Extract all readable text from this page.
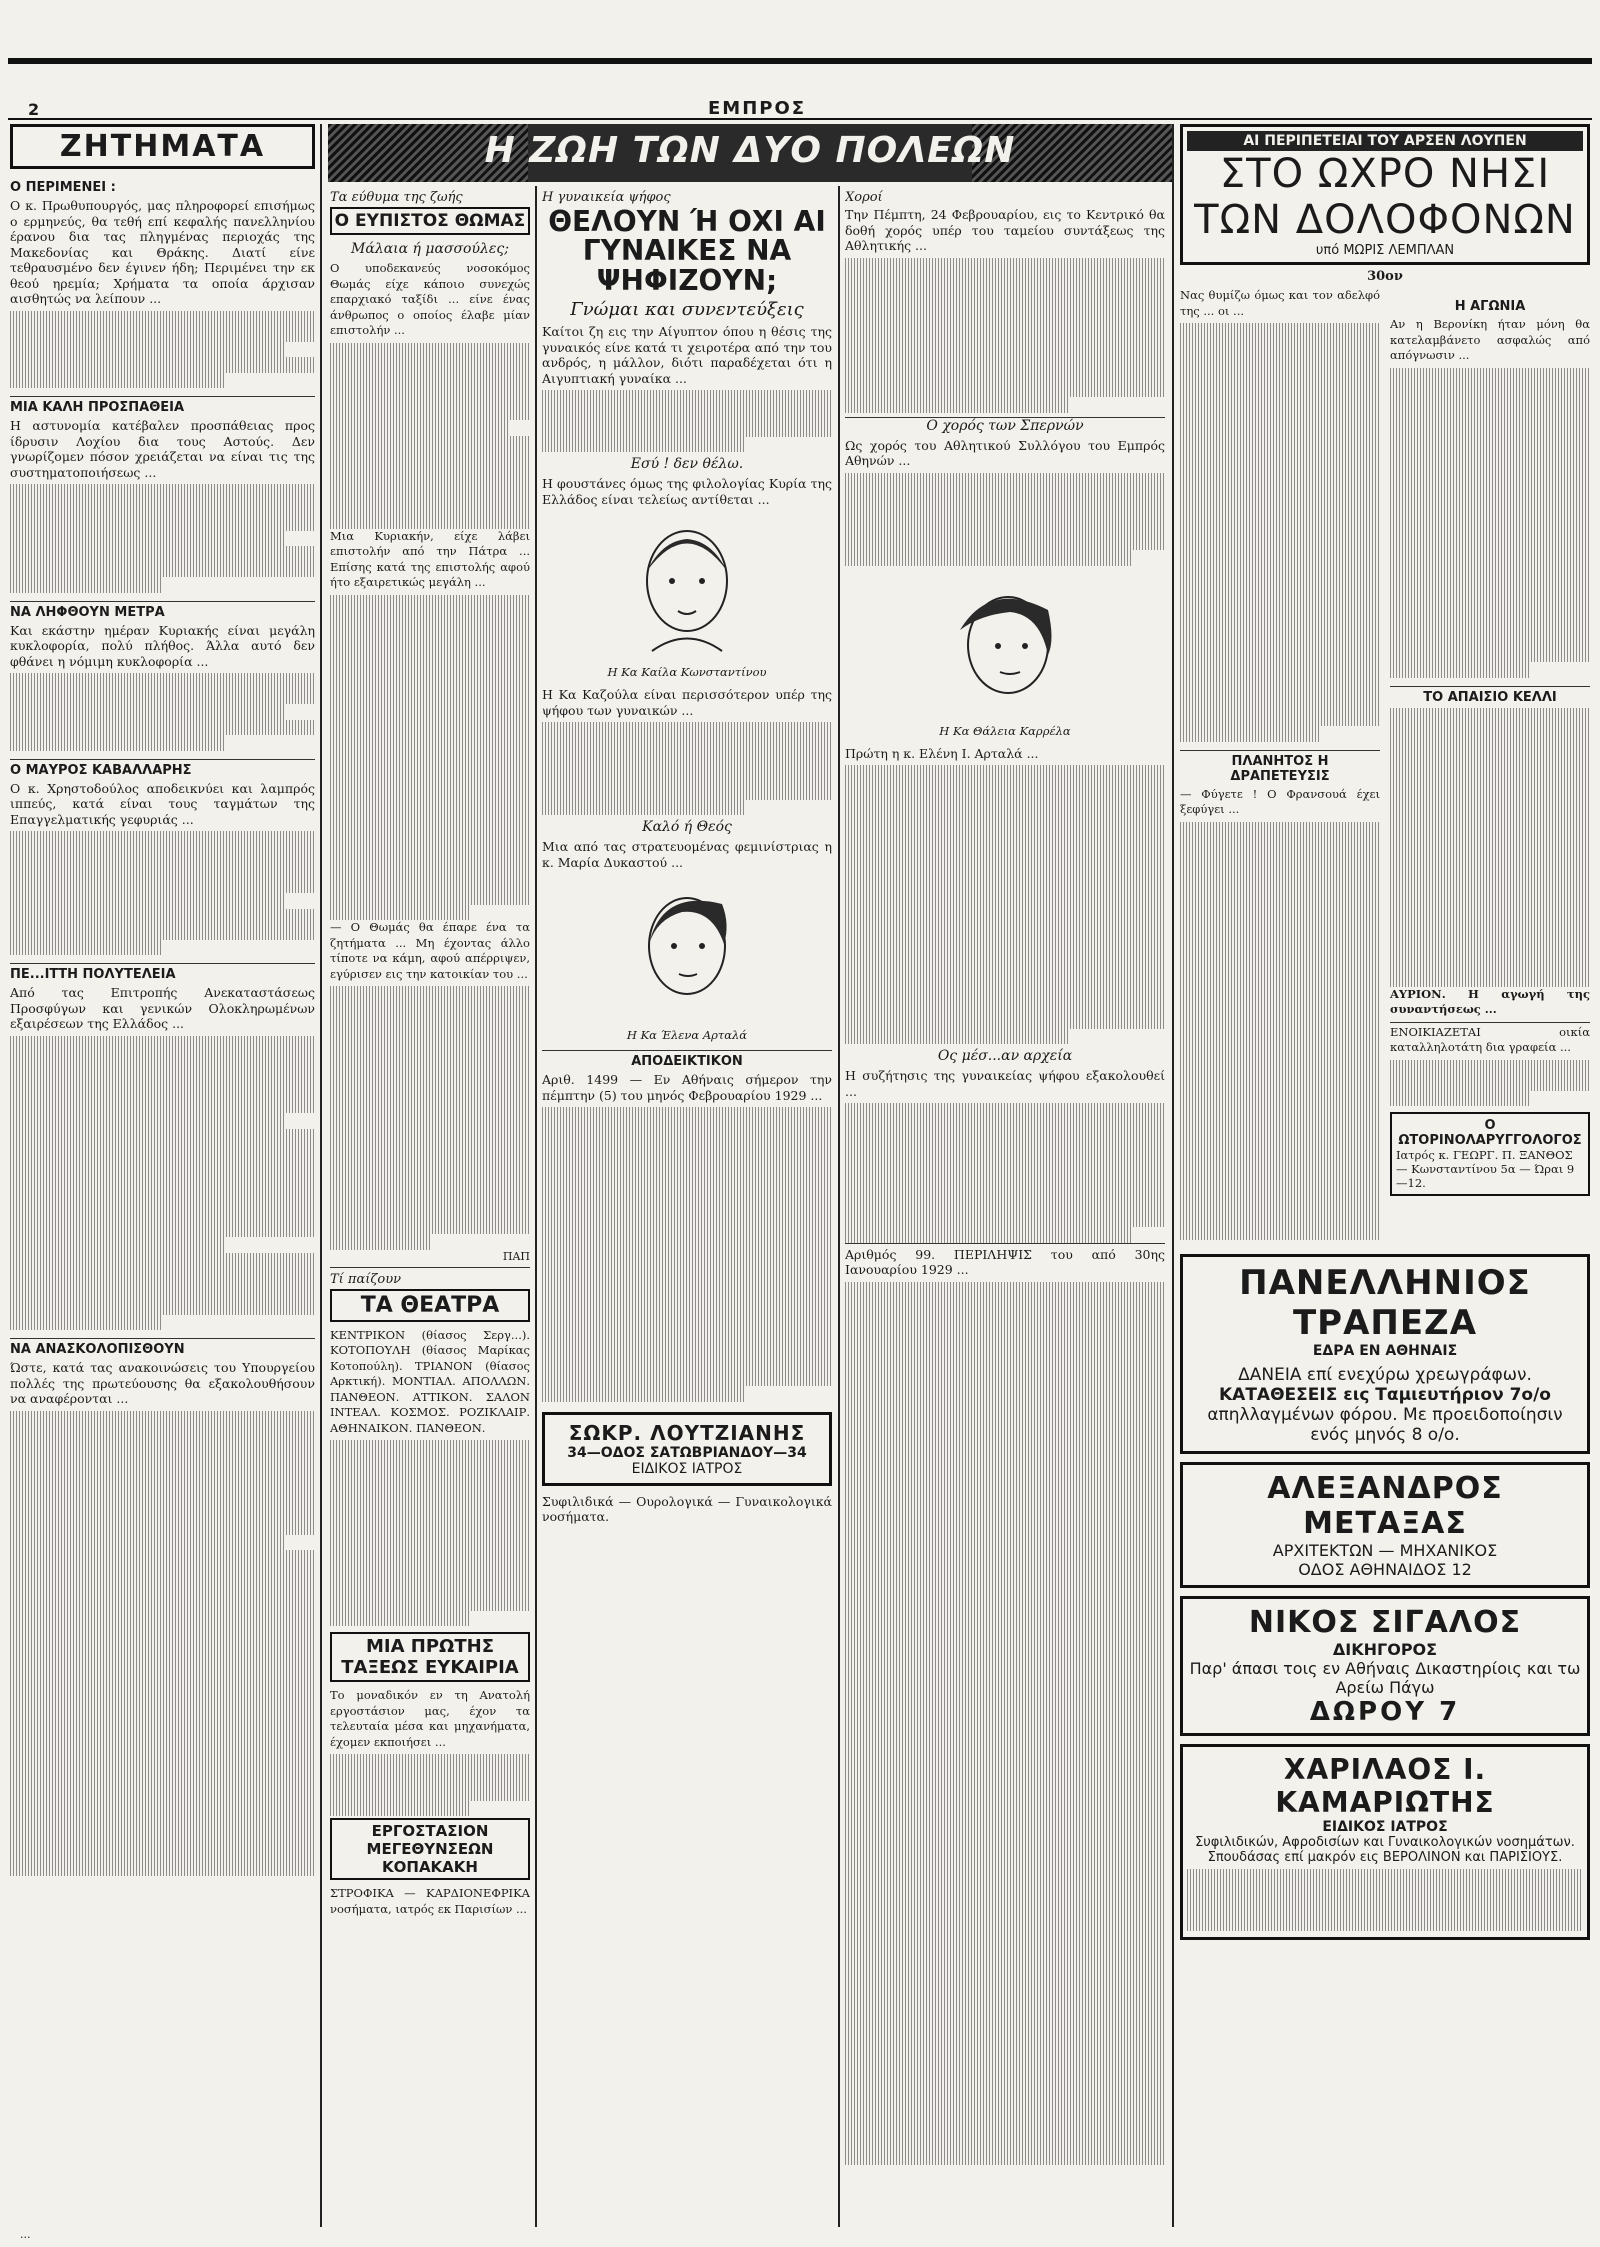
2	ΕΜΠΡΟΣ
ΖΗΤΗΜΑΤΑ
Ο ΠΕΡΙΜΕΝΕΙ :

Ο κ. Πρωθυπουργός, μας πληροφορεί επισήμως ο ερμηνεύς, θα τεθή επί κεφαλής πανελληνίου έρανου δια τας πληγμένας περιοχάς της Μακεδονίας και Θράκης. Διατί είνε τεθραυσμένο δεν έγινεν ήδη; Περιμένει την εκ θεού ηρεμία; Χρήματα τα οποία άρχισαν αισθητώς να λείπουν ...

ΜΙΑ ΚΑΛΗ ΠΡΟΣΠΑΘΕΙΑ

Η αστυνομία κατέβαλεν προσπάθειας προς ίδρυσιν Λοχίου δια τους Αστούς. Δεν γνωρίζομεν πόσον χρειάζεται να είναι τις της συστηματοποιήσεως ...

ΝΑ ΛΗΦΘΟΥΝ ΜΕΤΡΑ

Και εκάστην ημέραν Κυριακής είναι μεγάλη κυκλοφορία, πολύ πλήθος. Άλλα αυτό δεν φθάνει η νόμιμη κυκλοφορία ...

Ο ΜΑΥΡΟΣ ΚΑΒΑΛΛΑΡΗΣ

Ο κ. Χρηστοδούλος αποδεικνύει και λαμπρός ιππεύς, κατά είναι τους ταγμάτων της Επαγγελματικής γεφυριάς ...

ΠΕ...ΙΤΤΗ ΠΟΛΥΤΕΛΕΙΑ

Από τας Επιτροπής Ανεκαταστάσεως Προσφύγων και γενικών Ολοκληρωμένων εξαιρέσεων της Ελλάδος ...

ΝΑ ΑΝΑΣΚΟΛΟΠΙΣΘΟΥΝ

Ώστε, κατά τας ανακοινώσεις του Υπουργείου πολλές της πρωτεύουσης θα εξακολουθήσουν να αναφέρονται ...

Η ΖΩΗ ΤΩΝ ΔΥΟ ΠΟΛΕΩΝ
Τα εύθυμα της ζωής
Ο ΕΥΠΙΣΤΟΣ ΘΩΜΑΣ
Μάλαια ή μασσούλες;

Ο υποδεκανεύς νοσοκόμος Θωμάς είχε κάποιο συνεχώς επαρχιακό ταξίδι ... είνε ένας άνθρωπος ο οποίος έλαβε μίαν επιστολήν ...

Μια Κυριακήν, είχε λάβει επιστολήν από την Πάτρα ... Επίσης κατά της επιστολής αφού ήτο εξαιρετικώς μεγάλη ...

— Ο Θωμάς θα έπαρε ένα τα ζητήματα ... Μη έχοντας άλλο τίποτε να κάμη, αφού απέρριψεν, εγύρισεν εις την κατοικίαν του ...

ΠΑΠ
Τί παίζουν
ΤΑ ΘΕΑΤΡΑ

ΚΕΝΤΡΙΚΟΝ (θίασος Σεργ...). ΚΟΤΟΠΟΥΛΗ (θίασος Μαρίκας Κοτοπούλη). ΤΡΙΑΝΟΝ (θίασος Αρκτική). ΜΟΝΤΙΑΛ. ΑΠΟΛΛΩΝ. ΠΑΝΘΕΟΝ. ΑΤΤΙΚΟΝ. ΣΑΛΟΝ ΙΝΤΕΑΛ. ΚΟΣΜΟΣ. ΡΟΖΙΚΛΑΙΡ. ΑΘΗΝΑΙΚΟΝ. ΠΑΝΘΕΟΝ.

ΜΙΑ ΠΡΩΤΗΣ ΤΑΞΕΩΣ ΕΥΚΑΙΡΙΑ

Το μοναδικόν εν τη Ανατολή εργοστάσιον μας, έχον τα τελευταία μέσα και μηχανήματα, έχομεν εκποιήσει ...

ΕΡΓΟΣΤΑΣΙΟΝ ΜΕΓΕΘΥΝΣΕΩΝ ΚΟΠΑΚΑΚΗ

ΣΤΡΟΦΙΚΑ — ΚΑΡΔΙΟΝΕΦΡΙΚΑ νοσήματα, ιατρός εκ Παρισίων ...

Η γυναικεία ψήφος
ΘΕΛΟΥΝ Ή ΟΧΙ ΑΙ ΓΥΝΑΙΚΕΣ ΝΑ ΨΗΦΙΖΟΥΝ;
Γνώμαι και συνεντεύξεις

Καίτοι ζη εις την Αίγυπτον όπου η θέσις της γυναικός είνε κατά τι χειροτέρα από την του ανδρός, η μάλλον, διότι παραδέχεται ότι η Αιγυπτιακή γυναίκα ...

Εσύ ! δεν θέλω.

Η φουστάνες όμως της φιλολογίας Κυρία της Ελλάδος είναι τελείως αντίθεται ...

Η Κα Καίλα Κωνσταντίνου

Η Κα Καζούλα είναι περισσότερον υπέρ της ψήφου των γυναικών ...

Καλό ή Θεός

Μια από τας στρατευομένας φεμινίστριας η κ. Μαρία Δυκαστού ...

Η Κα Έλενα Αρταλά
ΑΠΟΔΕΙΚΤΙΚΟΝ

Αριθ. 1499 — Εν Αθήναις σήμερον την πέμπτην (5) του μηνός Φεβρουαρίου 1929 ...

ΣΩΚΡ. ΛΟΥΤΖΙΑΝΗΣ
34—ΟΔΟΣ ΣΑΤΩΒΡΙΑΝΔΟΥ—34
ΕΙΔΙΚΟΣ ΙΑΤΡΟΣ

Συφιλιδικά — Ουρολογικά — Γυναικολογικά νοσήματα.

Χοροί

Την Πέμπτη, 24 Φεβρουαρίου, εις το Κεντρικό θα δοθή χορός υπέρ του ταμείου συντάξεως της Αθλητικής ...

Ο χορός των Σπερνών

Ως χορός του Αθλητικού Συλλόγου του Εμπρός Αθηνών ...

Η Κα Θάλεια Καρρέλα

Πρώτη η κ. Ελένη Ι. Αρταλά ...

Ος μέσ...αν αρχεία

Η συζήτησις της γυναικείας ψήφου εξακολουθεί ...

Αριθμός 99. ΠΕΡΙΛΗΨΙΣ του από 30ης Ιανουαρίου 1929 ...

ΑΙ ΠΕΡΙΠΕΤΕΙΑΙ ΤΟΥ ΑΡΣΕΝ ΛΟΥΠΕΝ
ΣΤΟ ΩΧΡΟ ΝΗΣΙ ΤΩΝ ΔΟΛΟΦΟΝΩΝ
υπό ΜΩΡΙΣ ΛΕΜΠΛΑΝ
30ον

Νας θυμίζω όμως και τον αδελφό της ... οι ...

ΠΛΑΝΗΤΟΣ Η ΔΡΑΠΕΤΕΥΣΙΣ

— Φύγετε ! Ο Φρανσουά έχει ξεφύγει ...

Η ΑΓΩΝΙΑ

Αν η Βερονίκη ήταν μόνη θα κατελαμβάνετο ασφαλώς από απόγνωσιν ...

ΤΟ ΑΠΑΙΣΙΟ ΚΕΛΛΙ

ΑΥΡΙΟΝ. Η αγωγή της συναντήσεως ...

ΕΝΟΙΚΙΑΖΕΤΑΙ οικία καταλληλοτάτη δια γραφεία ...

Ο ΩΤΟΡΙΝΟΛΑΡΥΓΓΟΛΟΓΟΣ
Ιατρός κ. ΓΕΩΡΓ. Π. ΞΑΝΘΟΣ — Κωνσταντίνου 5α — Ώραι 9—12.
ΠΑΝΕΛΛΗΝΙΟΣ ΤΡΑΠΕΖΑ
ΕΔΡΑ ΕΝ ΑΘΗΝΑΙΣ
ΔΑΝΕΙΑ επί ενεχύρω χρεωγράφων.
ΚΑΤΑΘΕΣΕΙΣ εις Ταμιευτήριον 7ο/ο
απηλλαγμένων φόρου. Με προειδοποίησιν ενός μηνός 8 ο/ο.
ΑΛΕΞΑΝΔΡΟΣ ΜΕΤΑΞΑΣ
ΑΡΧΙΤΕΚΤΩΝ — ΜΗΧΑΝΙΚΟΣ
ΟΔΟΣ ΑΘΗΝΑΙΔΟΣ 12
ΝΙΚΟΣ ΣΙΓΑΛΟΣ
ΔΙΚΗΓΟΡΟΣ
Παρ' άπασι τοις εν Αθήναις Δικαστηρίοις και τω Αρείω Πάγω
ΔΩΡΟΥ 7
ΧΑΡΙΛΑΟΣ Ι. ΚΑΜΑΡΙΩΤΗΣ
ΕΙΔΙΚΟΣ ΙΑΤΡΟΣ
Συφιλιδικών, Αφροδισίων και Γυναικολογικών νοσημάτων. Σπουδάσας επί μακρόν εις ΒΕΡΟΛΙΝΟΝ και ΠΑΡΙΣΙΟΥΣ.
...
